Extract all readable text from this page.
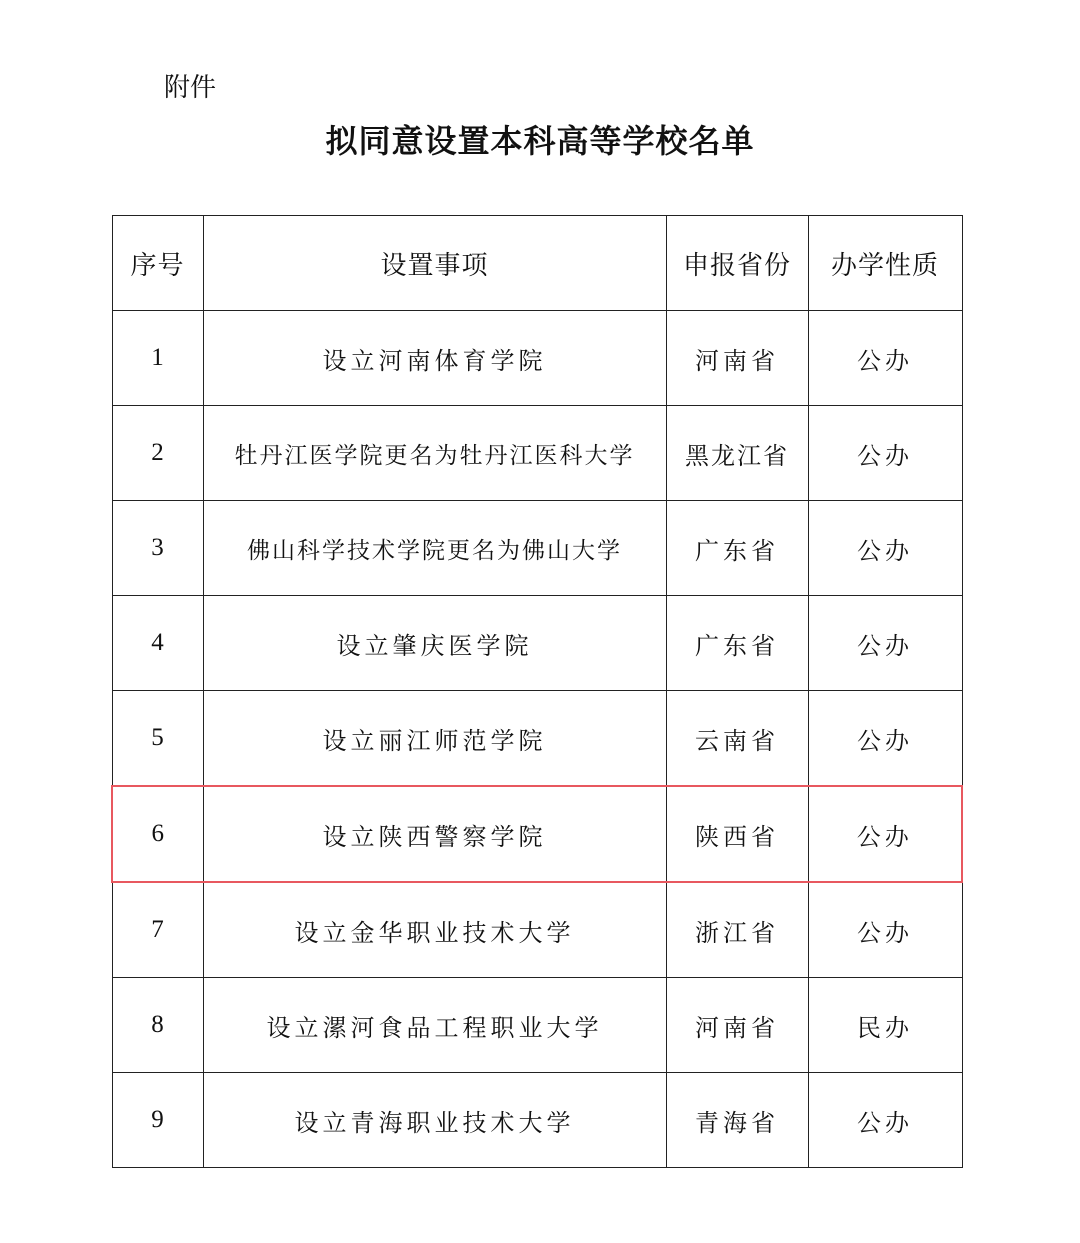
附件
拟同意设置本科高等学校名单
序号	设置事项	申报省份	办学性质
1	设立河南体育学院	河南省	公办
2	牡丹江医学院更名为牡丹江医科大学	黑龙江省	公办
3	佛山科学技术学院更名为佛山大学	广东省	公办
4	设立肇庆医学院	广东省	公办
5	设立丽江师范学院	云南省	公办
6	设立陕西警察学院	陕西省	公办
7	设立金华职业技术大学	浙江省	公办
8	设立漯河食品工程职业大学	河南省	民办
9	设立青海职业技术大学	青海省	公办
